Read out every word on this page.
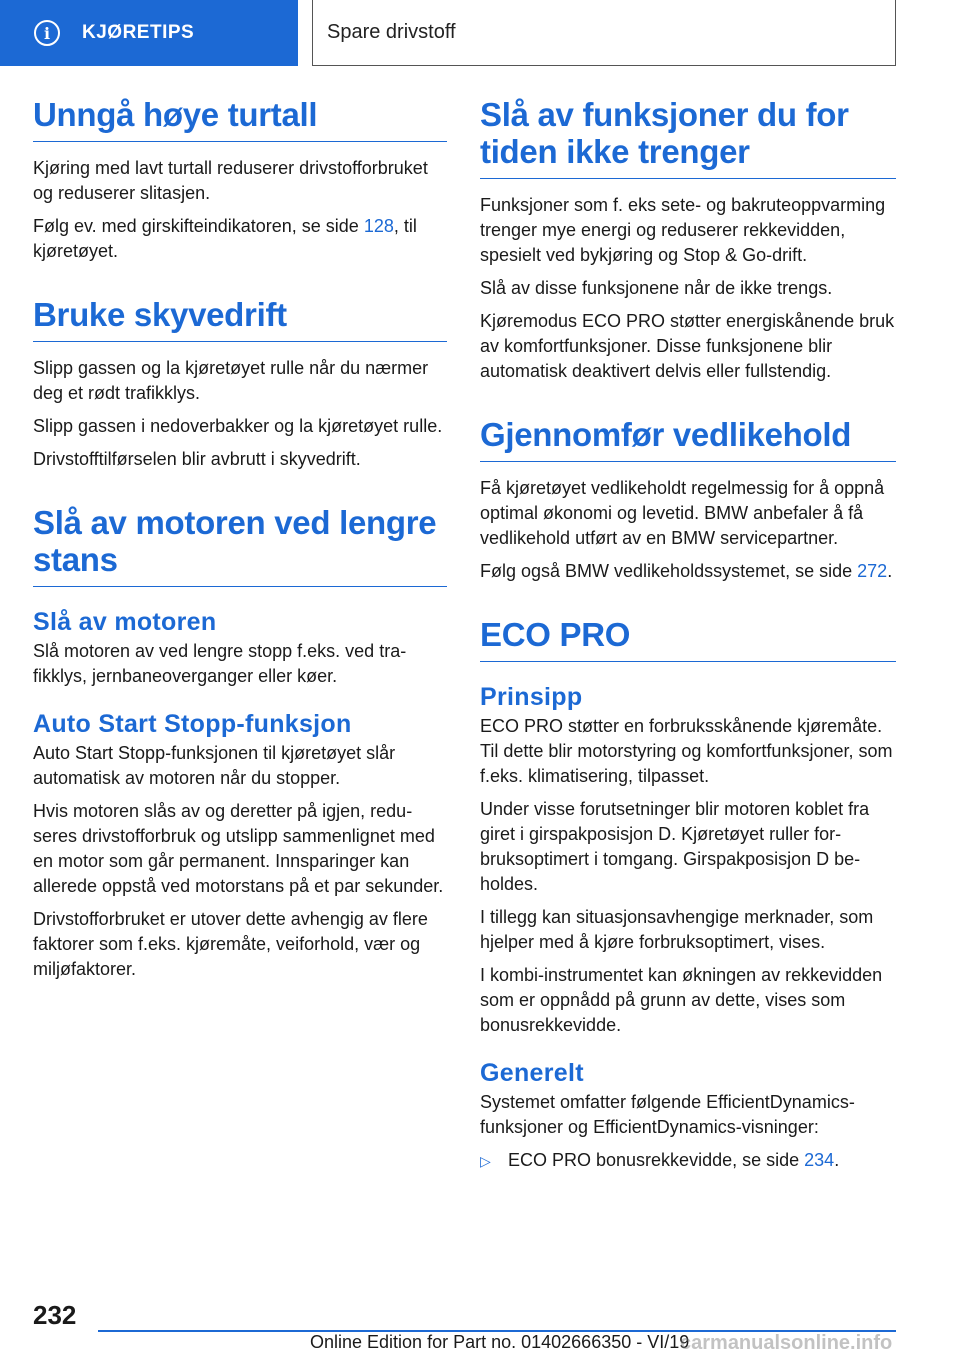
i	KJØRETIPS	Spare drivstoff
Unngå høye turtall

Kjøring med lavt turtall reduserer drivstofforbruket og reduserer slitasjen.

Følg ev. med girskifteindikatoren, se side 128, til kjøretøyet.

Bruke skyvedrift

Slipp gassen og la kjøretøyet rulle når du nærmer deg et rødt trafikklys.

Slipp gassen i nedoverbakker og la kjøretøyet rulle.

Drivstofftilførselen blir avbrutt i skyvedrift.

Slå av motoren ved lengre stans
Slå av motoren

Slå motoren av ved lengre stopp f.eks. ved trafikklys, jernbaneoverganger eller køer.

Auto Start Stopp-funksjon

Auto Start Stopp-funksjonen til kjøretøyet slår automatisk av motoren når du stopper.

Hvis motoren slås av og deretter på igjen, reduseres drivstofforbruk og utslipp sammenlignet med en motor som går permanent. Innsparinger kan allerede oppstå ved motorstans på et par sekunder.

Drivstofforbruket er utover dette avhengig av flere faktorer som f.eks. kjøremåte, veiforhold, vær og miljøfaktorer.

Slå av funksjoner du for tiden ikke trenger

Funksjoner som f. eks sete- og bakruteoppvarming trenger mye energi og reduserer rekkevidden, spesielt ved bykjøring og Stop & Go-drift.

Slå av disse funksjonene når de ikke trengs.

Kjøremodus ECO PRO støtter energiskånende bruk av komfortfunksjoner. Disse funksjonene blir automatisk deaktivert delvis eller fullstendig.

Gjennomfør vedlikehold

Få kjøretøyet vedlikeholdt regelmessig for å oppnå optimal økonomi og levetid. BMW anbefaler å få vedlikehold utført av en BMW servicepartner.

Følg også BMW vedlikeholdssystemet, se side 272.

ECO PRO
Prinsipp

ECO PRO støtter en forbruksskånende kjøremåte. Til dette blir motorstyring og komfortfunksjoner, som f.eks. klimatisering, tilpasset.

Under visse forutsetninger blir motoren koblet fra giret i girspakposisjon D. Kjøretøyet ruller forbruksoptimert i tomgang. Girspakposisjon D beholdes.

I tillegg kan situasjonsavhengige merknader, som hjelper med å kjøre forbruksoptimert, vises.

I kombi-instrumentet kan økningen av rekkevidden som er oppnådd på grunn av dette, vises som bonusrekkevidde.

Generelt

Systemet omfatter følgende EfficientDynamics-funksjoner og EfficientDynamics-visninger:

▷ ECO PRO bonusrekkevidde, se side 234.
232
Online Edition for Part no. 01402666350 - VI/19
carmanualsonline.info
